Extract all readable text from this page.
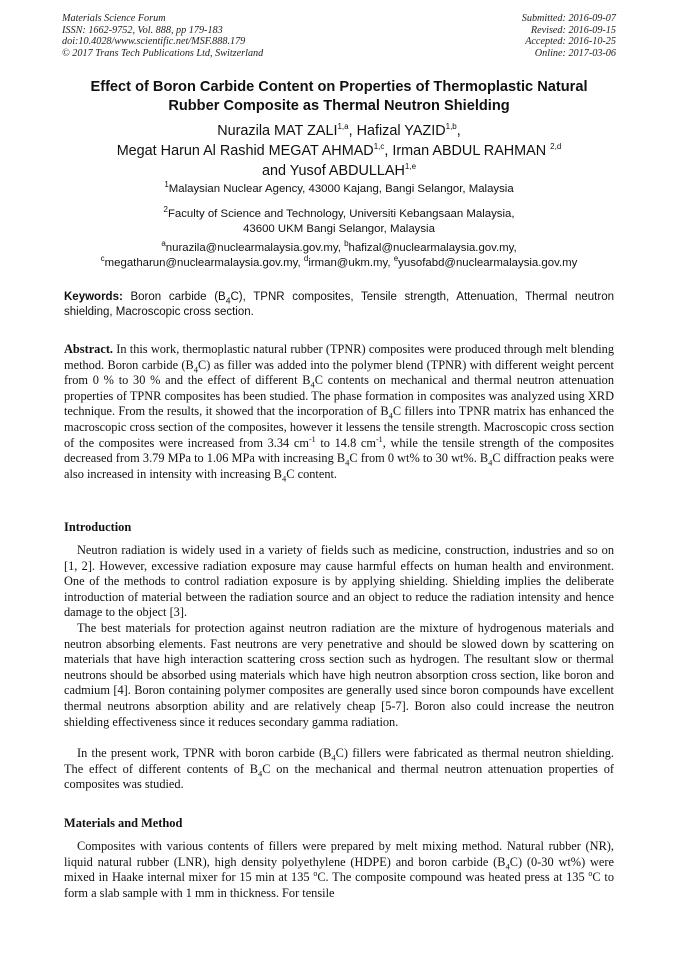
Materials Science Forum
ISSN: 1662-9752, Vol. 888, pp 179-183
doi:10.4028/www.scientific.net/MSF.888.179
© 2017 Trans Tech Publications Ltd, Switzerland
Submitted: 2016-09-07
Revised: 2016-09-15
Accepted: 2016-10-25
Online: 2017-03-06
Effect of Boron Carbide Content on Properties of Thermoplastic Natural
Rubber Composite as Thermal Neutron Shielding
Nurazila MAT ZALI$^{1,a}$, Hafizal YAZID$^{1,b}$,
Megat Harun Al Rashid MEGAT AHMAD$^{1,c}$, Irman ABDUL RAHMAN $^{2,d}$
and Yusof ABDULLAH$^{1,e}$
$^1$Malaysian Nuclear Agency, 43000 Kajang, Bangi Selangor, Malaysia
$^2$Faculty of Science and Technology, Universiti Kebangsaan Malaysia,
43600 UKM Bangi Selangor, Malaysia
$^a$nurazila@nuclearmalaysia.gov.my, $^b$hafizal@nuclearmalaysia.gov.my,
$^c$megatharun@nuclearmalaysia.gov.my, $^d$irman@ukm.my, $^e$yusofabd@nuclearmalaysia.gov.my
Keywords: Boron carbide $(B_4C)$, TPNR composites, Tensile strength, Attenuation, Thermal neutron shielding, Macroscopic cross section.
Abstract. In this work, thermoplastic natural rubber (TPNR) composites were produced through melt blending method. Boron carbide $(B_4C)$ as filler was added into the polymer blend (TPNR) with different weight percent from 0 % to 30 % and the effect of different $B_4C$ contents on mechanical and thermal neutron attenuation properties of TPNR composites has been studied. The phase formation in composites was analyzed using XRD technique. From the results, it showed that the incorporation of $B_4C$ fillers into TPNR matrix has enhanced the macroscopic cross section of the composites, however it lessens the tensile strength. Macroscopic cross section of the composites were increased from 3.34 $cm^{-1}$ to 14.8 $cm^{-1}$, while the tensile strength of the composites decreased from 3.79 MPa to 1.06 MPa with increasing $B_4C$ from 0 wt% to 30 wt%. $B_4C$ diffraction peaks were also increased in intensity with increasing $B_4C$ content.
Introduction

Neutron radiation is widely used in a variety of fields such as medicine, construction, industries and so on [1, 2]. However, excessive radiation exposure may cause harmful effects on human health and environment. One of the methods to control radiation exposure is by applying shielding. Shielding implies the deliberate introduction of material between the radiation source and an object to reduce the radiation intensity and hence damage to the object [3].

The best materials for protection against neutron radiation are the mixture of hydrogenous materials and neutron absorbing elements. Fast neutrons are very penetrative and should be slowed down by scattering on materials that have high interaction scattering cross section such as hydrogen. The resultant slow or thermal neutrons should be absorbed using materials which have high neutron absorption cross section, like boron and cadmium [4]. Boron containing polymer composites are generally used since boron compounds have excellent thermal neutrons absorption ability and are relatively cheap [5-7]. Boron also could increase the neutron shielding effectiveness since it reduces secondary gamma radiation.

In the present work, TPNR with boron carbide $(B_4C)$ fillers were fabricated as thermal neutron shielding. The effect of different contents of $B_4C$ on the mechanical and thermal neutron attenuation properties of composites was studied.

Materials and Method

Composites with various contents of fillers were prepared by melt mixing method. Natural rubber (NR), liquid natural rubber (LNR), high density polyethylene (HDPE) and boron carbide $(B_4C)$ (0-30 wt%) were mixed in Haake internal mixer for 15 min at 135 $^o$C. The composite compound was heated press at 135 $^o$C to form a slab sample with 1 mm in thickness. For tensile
